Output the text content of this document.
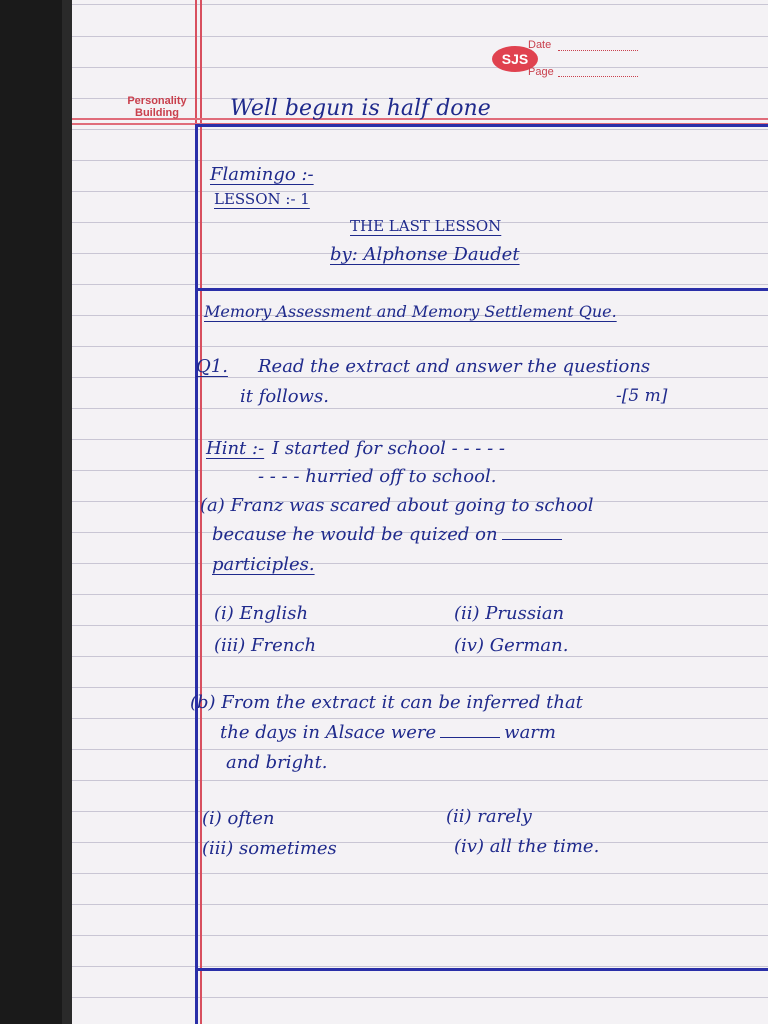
SJS
Date
Page
Personality
Building	Well begun is half done
Flamingo :-
LESSON :- 1
THE LAST LESSON
by: Alphonse Daudet
Memory Assessment and Memory Settlement Que.
Q1. Read the extract and answer the questions
it follows.	-[5 m]
Hint :- I started for school - - - - -
- - - - hurried off to school.
(a) Franz was scared about going to school
because he would be quized on
participles.
(i) English	(ii) Prussian
(iii) French	(iv) German.
(b) From the extract it can be inferred that
the days in Alsace were	warm
and bright.
(i) often	(ii) rarely
(iii) sometimes	(iv) all the time.
